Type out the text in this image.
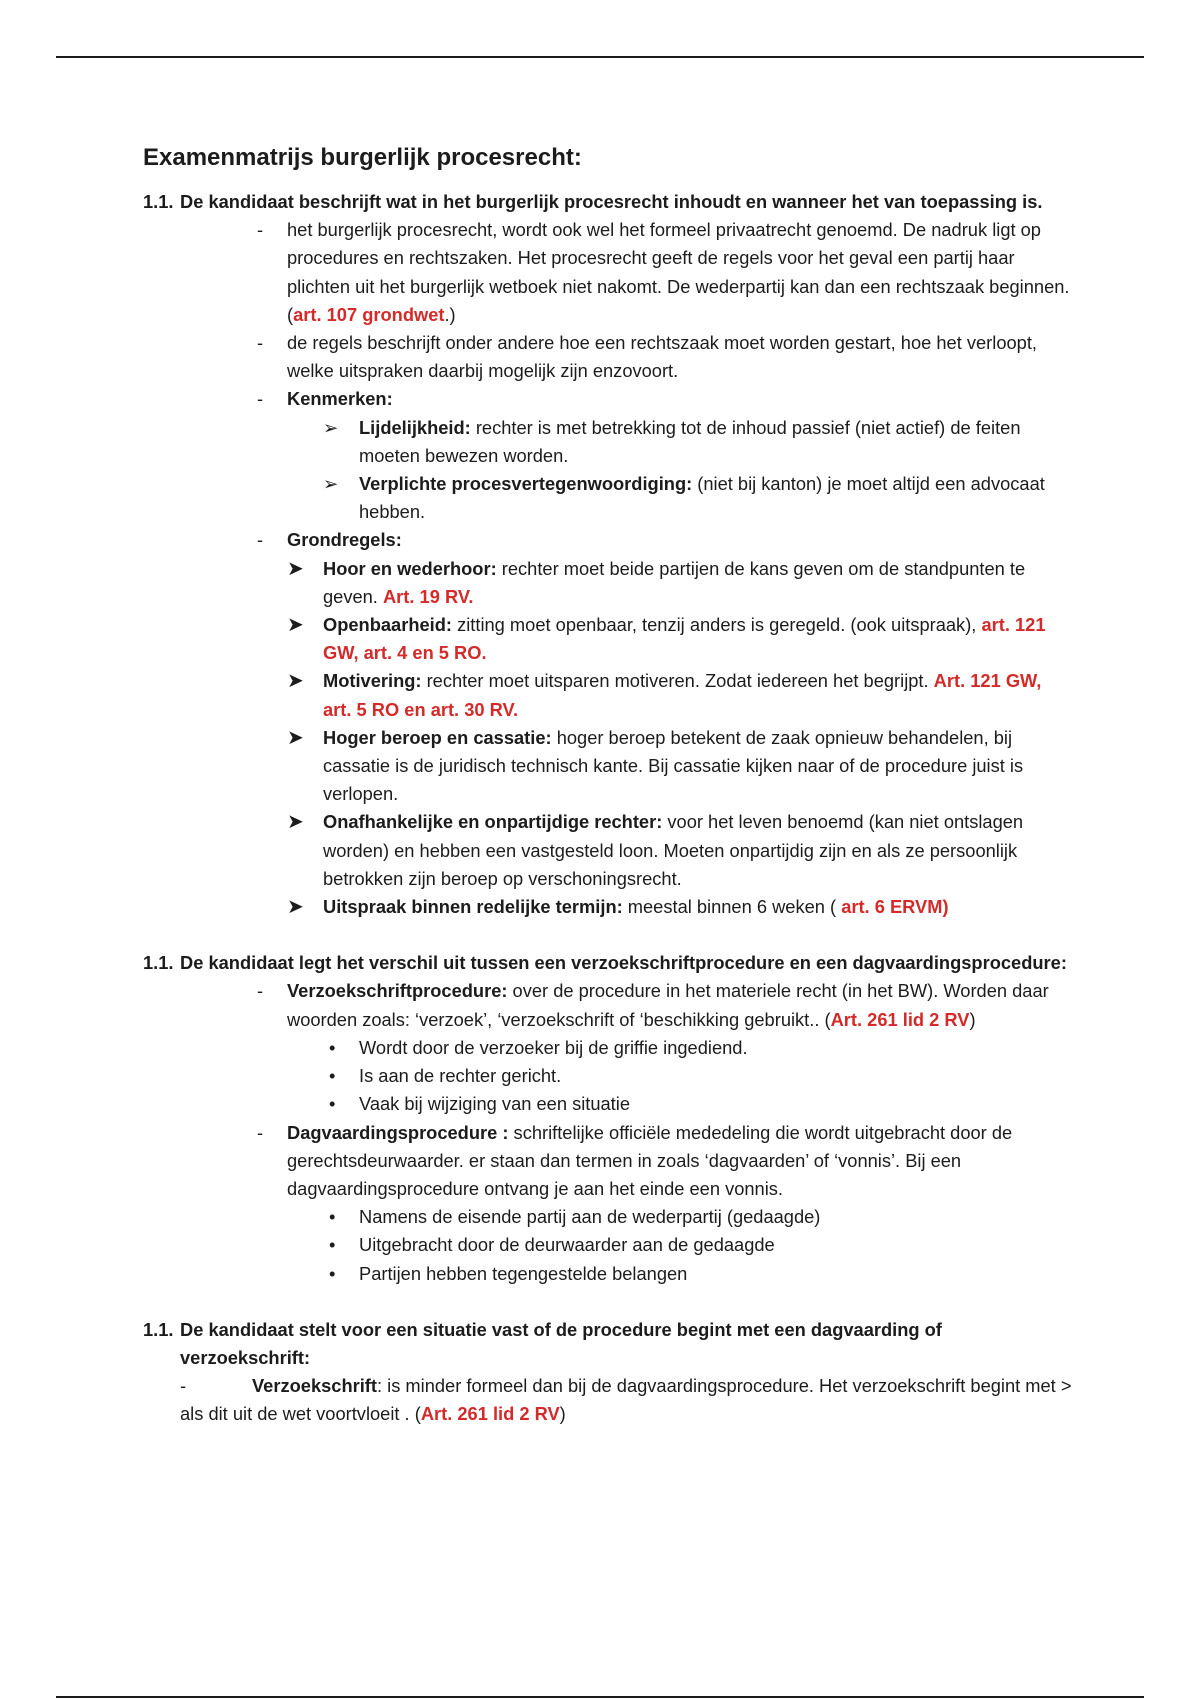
Examenmatrijs burgerlijk procesrecht:
1.1. De kandidaat beschrijft wat in het burgerlijk procesrecht inhoudt en wanneer het van toepassing is.
-	het burgerlijk procesrecht, wordt ook wel het formeel privaatrecht genoemd. De nadruk ligt op procedures en rechtszaken. Het procesrecht geeft de regels voor het geval een partij haar plichten uit het burgerlijk wetboek niet nakomt. De wederpartij kan dan een rechtszaak beginnen. (art. 107 grondwet.)
-	de regels beschrijft onder andere hoe een rechtszaak moet worden gestart, hoe het verloopt, welke uitspraken daarbij mogelijk zijn enzovoort.
-	Kenmerken:
➢	Lijdelijkheid: rechter is met betrekking tot de inhoud passief (niet actief) de feiten moeten bewezen worden.
➢	Verplichte procesvertegenwoordiging: (niet bij kanton) je moet altijd een advocaat hebben.
-	Grondregels:
➤	Hoor en wederhoor: rechter moet beide partijen de kans geven om de standpunten te geven. Art. 19 RV.
➤	Openbaarheid: zitting moet openbaar, tenzij anders is geregeld. (ook uitspraak), art. 121 GW, art. 4 en 5 RO.
➤	Motivering: rechter moet uitsparen motiveren. Zodat iedereen het begrijpt. Art. 121 GW, art. 5 RO en art. 30 RV.
➤	Hoger beroep en cassatie: hoger beroep betekent de zaak opnieuw behandelen, bij cassatie is de juridisch technisch kante. Bij cassatie kijken naar of de procedure juist is verlopen.
➤	Onafhankelijke en onpartijdige rechter: voor het leven benoemd (kan niet ontslagen worden) en hebben een vastgesteld loon. Moeten onpartijdig zijn en als ze persoonlijk betrokken zijn beroep op verschoningsrecht.
➤	Uitspraak binnen redelijke termijn: meestal binnen 6 weken ( art. 6 ERVM)
1.1. De kandidaat legt het verschil uit tussen een verzoekschriftprocedure en een dagvaardingsprocedure:
-	Verzoekschriftprocedure: over de procedure in het materiele recht (in het BW). Worden daar woorden zoals: ‘verzoek’, ‘verzoekschrift of ‘beschikking gebruikt.. (Art. 261 lid 2 RV)
•	Wordt door de verzoeker bij de griffie ingediend.
•	Is aan de rechter gericht.
•	Vaak bij wijziging van een situatie
-	Dagvaardingsprocedure : schriftelijke officiële mededeling die wordt uitgebracht door de gerechtsdeurwaarder. er staan dan termen in zoals ‘dagvaarden’ of ‘vonnis’. Bij een dagvaardingsprocedure ontvang je aan het einde een vonnis.
•	Namens de eisende partij aan de wederpartij (gedaagde)
•	Uitgebracht door de deurwaarder aan de gedaagde
•	Partijen hebben tegengestelde belangen
1.1. De kandidaat stelt voor een situatie vast of de procedure begint met een dagvaarding of verzoekschrift:
-	Verzoekschrift: is minder formeel dan bij de dagvaardingsprocedure. Het verzoekschrift begint met > als dit uit de wet voortvloeit . (Art. 261 lid 2 RV)
